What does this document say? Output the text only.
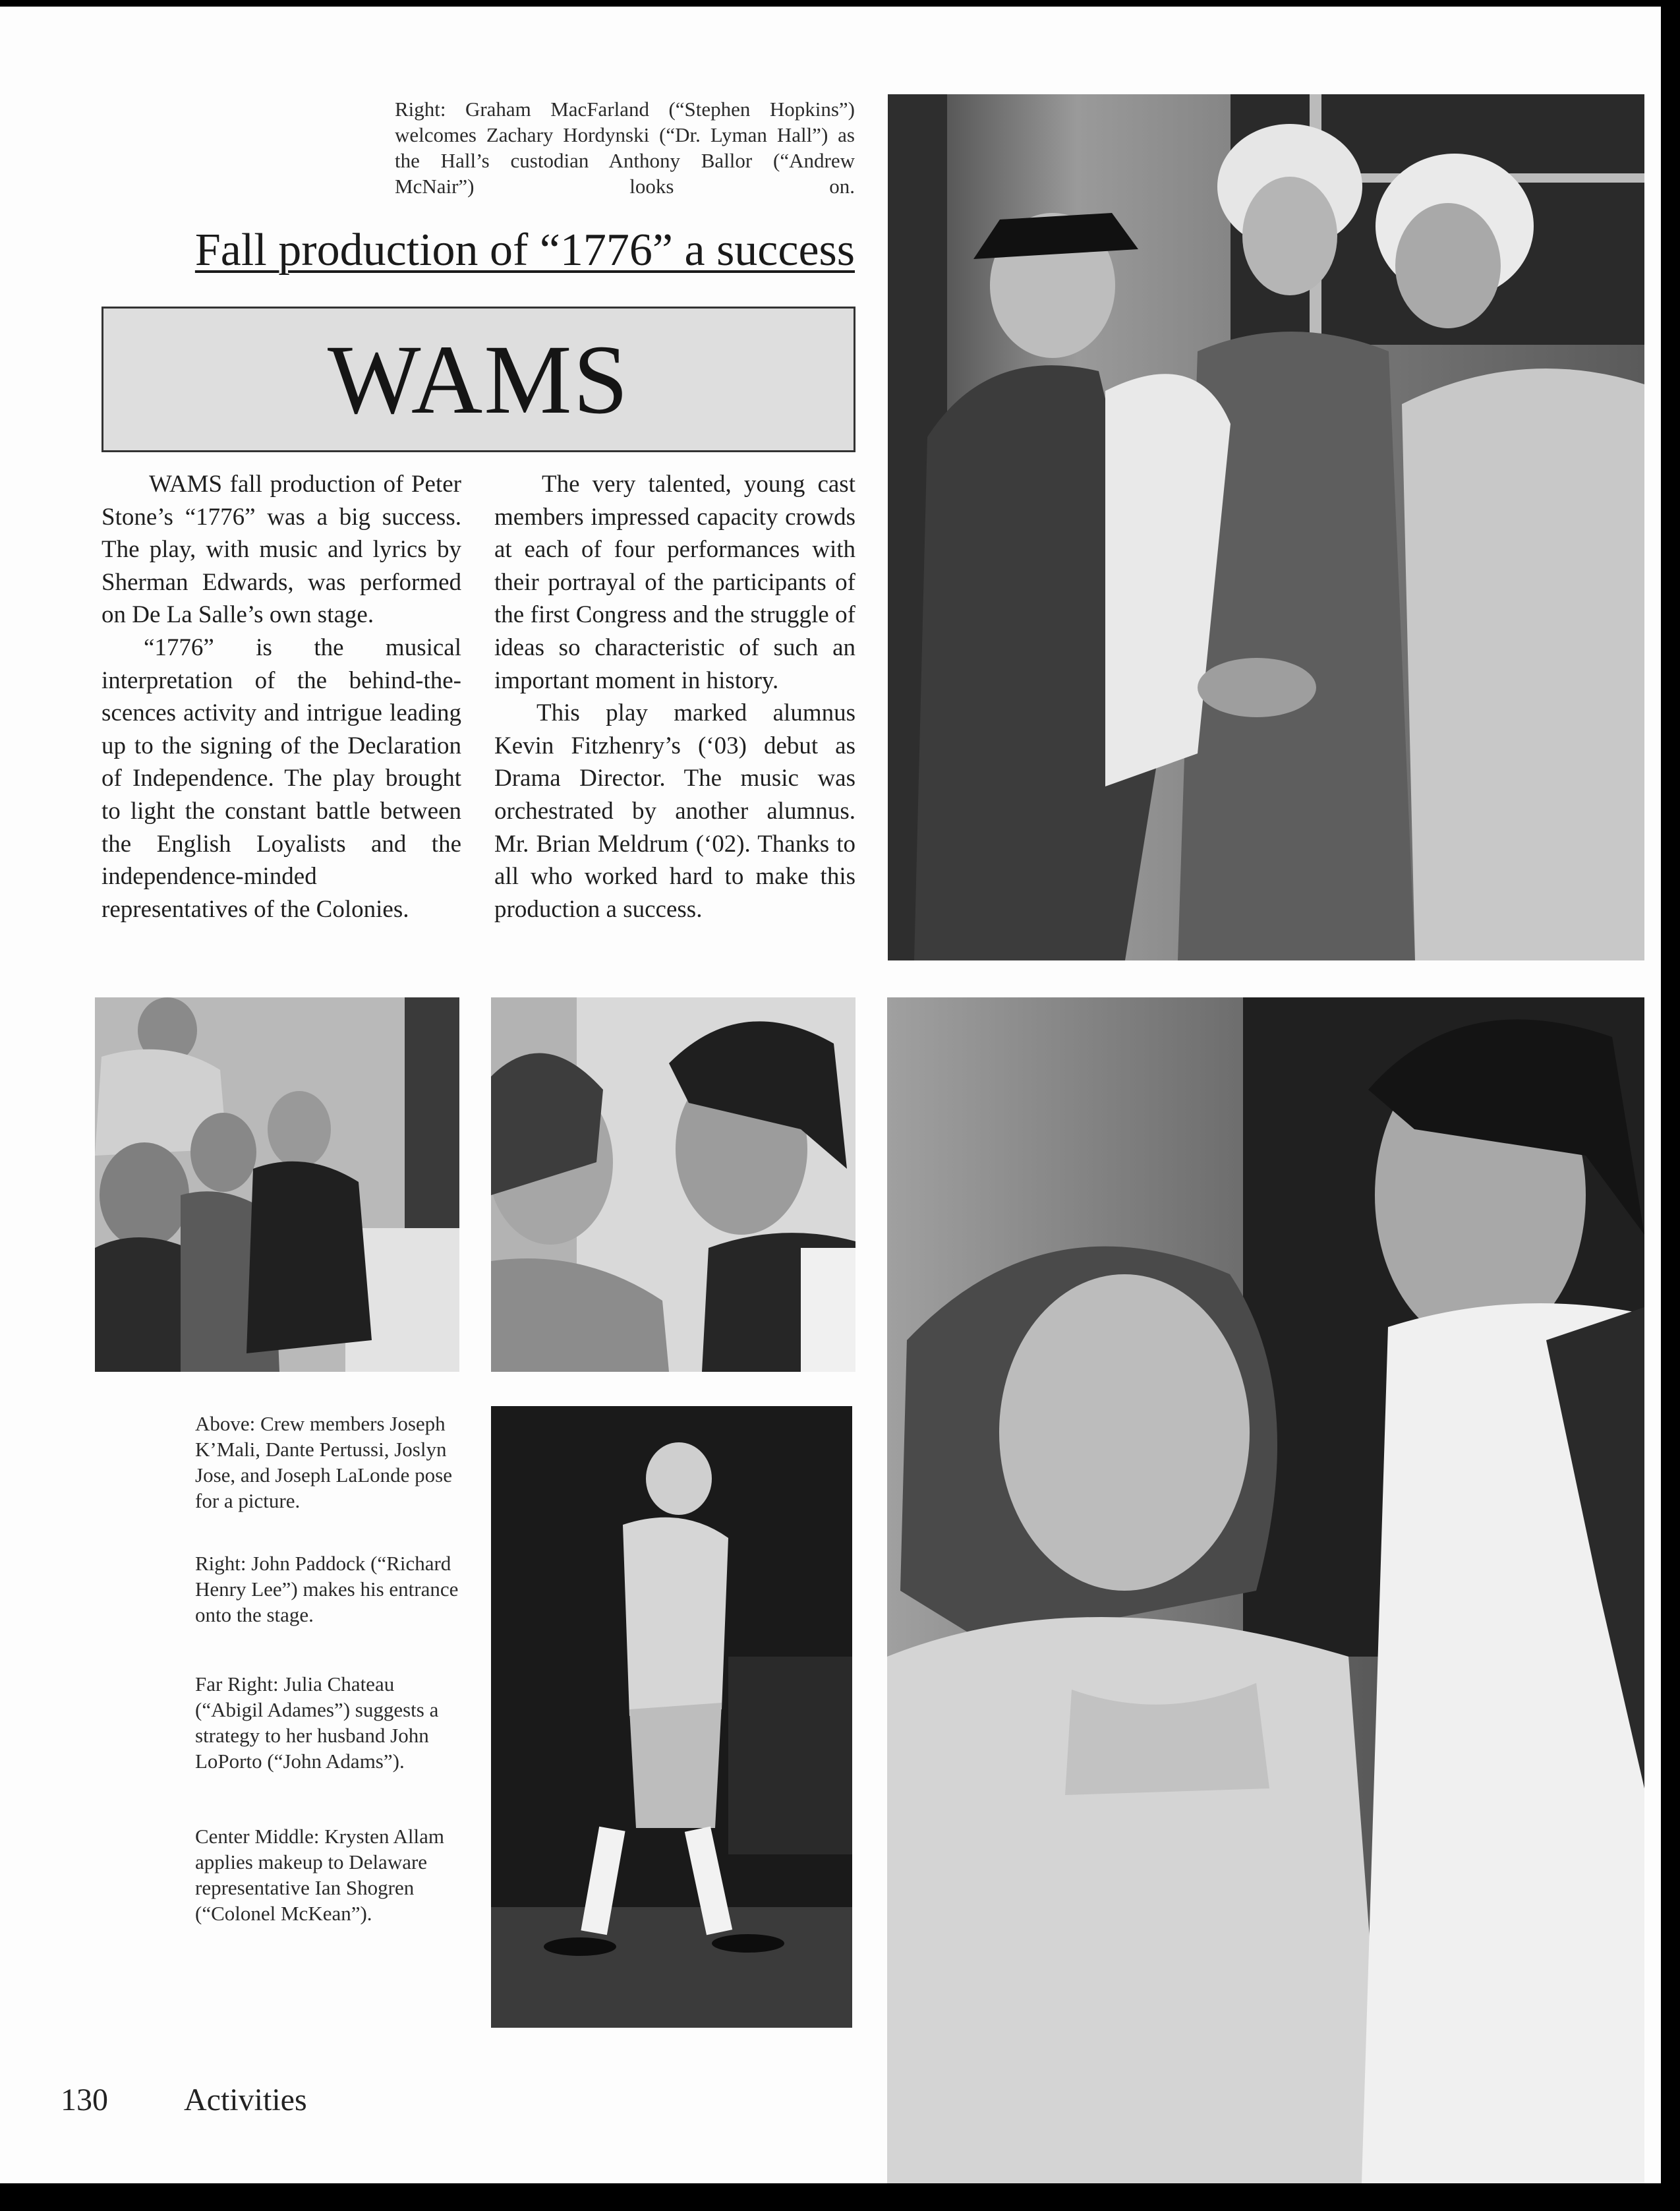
Right: Graham MacFarland (“Stephen Hopkins”) welcomes Zachary Hordynski (“Dr. Lyman Hall”) as the Hall’s custodian Anthony Ballor (“Andrew McNair”) looks on.
Fall production of “1776” a success
WAMS

WAMS fall production of Peter Stone’s “1776” was a big success. The play, with music and lyrics by Sherman Edwards, was performed on De La Salle’s own stage.

“1776” is the musical interpretation of the behind-the-scences activity and intrigue leading up to the signing of the Declaration of Independence. The play brought to light the constant battle between the English Loyalists and the independence-minded representatives of the Colonies.

The very talented, young cast members impressed capacity crowds at each of four performances with their portrayal of the participants of the first Congress and the struggle of ideas so characteristic of such an important moment in history.

This play marked alumnus Kevin Fitzhenry’s (‘03) debut as Drama Director. The music was orchestrated by another alumnus. Mr. Brian Meldrum (‘02). Thanks to all who worked hard to make this production a success.

Above: Crew members Joseph K’Mali, Dante Pertussi, Joslyn Jose, and Joseph LaLonde pose for a picture.
Right: John Paddock (“Richard Henry Lee”) makes his entrance onto the stage.
Far Right: Julia Chateau (“Abigil Adames”) suggests a strategy to her husband John LoPorto (“John Adams”).
Center Middle: Krysten Allam applies makeup to Delaware representative Ian Shogren (“Colonel McKean”).
130 Activities
